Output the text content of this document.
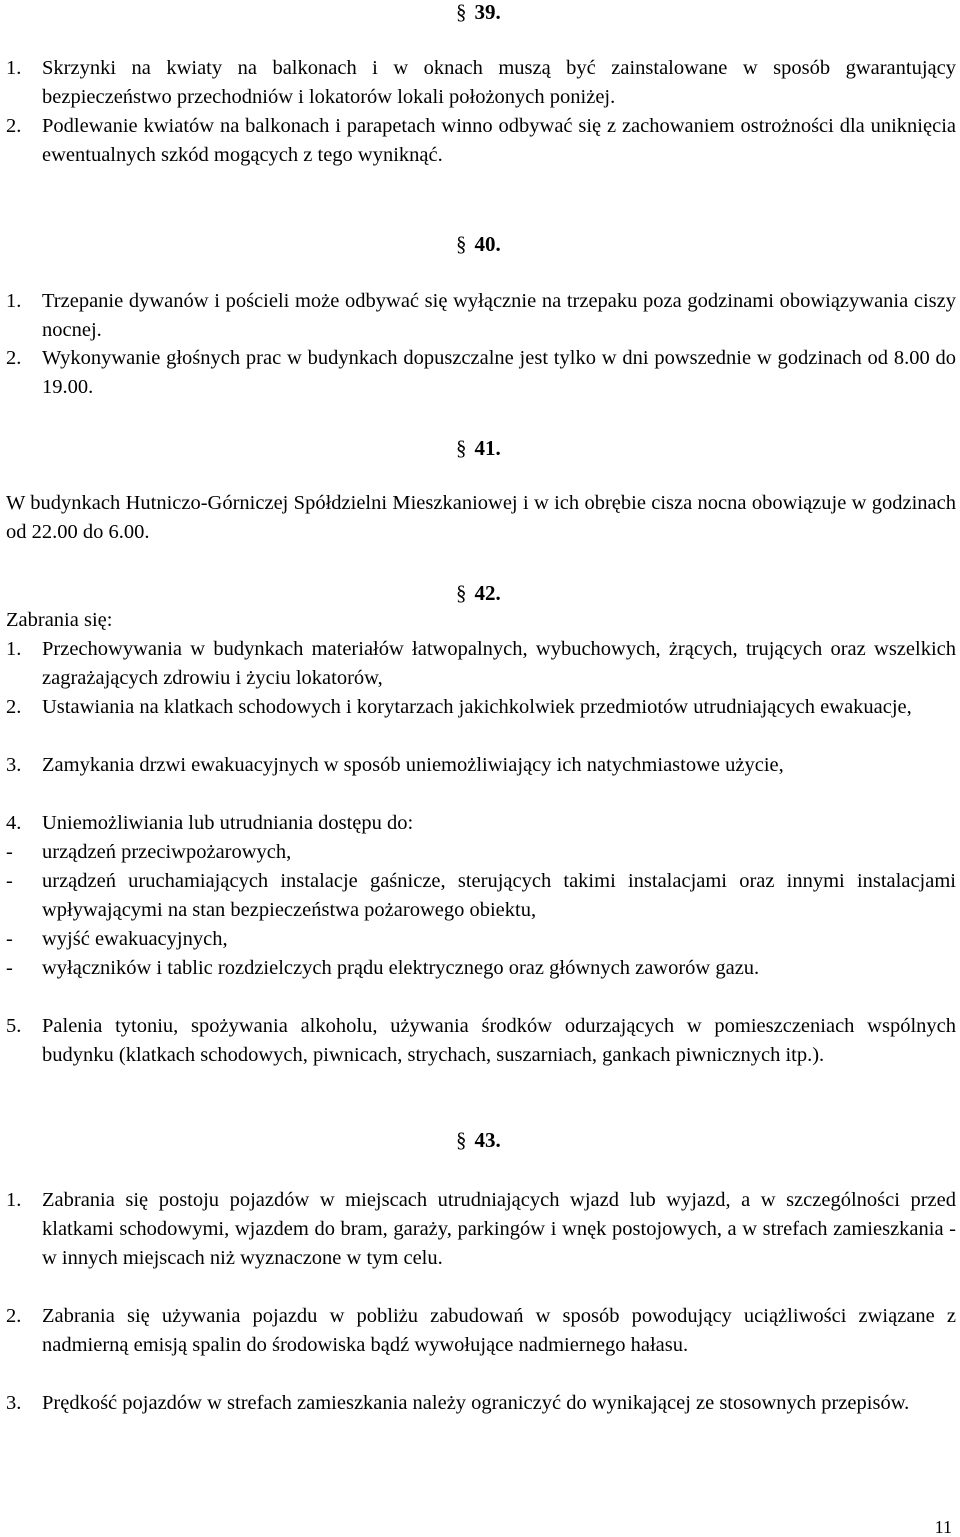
§ 39.
1.	Skrzynki na kwiaty na balkonach i w oknach muszą być zainstalowane w sposób gwarantujący bezpieczeństwo przechodniów i lokatorów lokali położonych poniżej.
2.	Podlewanie kwiatów na balkonach i parapetach winno odbywać się z zachowaniem ostrożności dla uniknięcia ewentualnych szkód mogących z tego wyniknąć.
§ 40.
1.	Trzepanie dywanów i pościeli może odbywać się wyłącznie na trzepaku poza godzinami obowiązywania ciszy nocnej.
2.	Wykonywanie głośnych prac w budynkach dopuszczalne jest tylko w dni powszednie w godzinach od 8.00 do 19.00.
§ 41.
W budynkach Hutniczo-Górniczej Spółdzielni Mieszkaniowej i w ich obrębie cisza nocna obowiązuje w godzinach od 22.00 do 6.00.
§ 42.
Zabrania się:
1.	Przechowywania w budynkach materiałów łatwopalnych, wybuchowych, żrących, trujących oraz wszelkich zagrażających zdrowiu i życiu lokatorów,
2.	Ustawiania na klatkach schodowych i korytarzach jakichkolwiek przedmiotów utrudniających ewakuacje,
3.	Zamykania drzwi ewakuacyjnych w sposób uniemożliwiający ich natychmiastowe użycie,
4.	Uniemożliwiania lub utrudniania dostępu do:
-	urządzeń przeciwpożarowych,
-	urządzeń uruchamiających instalacje gaśnicze, sterujących takimi instalacjami oraz innymi instalacjami wpływającymi na stan bezpieczeństwa pożarowego obiektu,
-	wyjść ewakuacyjnych,
-	wyłączników i tablic rozdzielczych prądu elektrycznego oraz głównych zaworów gazu.
5.	Palenia tytoniu, spożywania alkoholu, używania środków odurzających w pomieszczeniach wspólnych budynku (klatkach schodowych, piwnicach, strychach, suszarniach, gankach piwnicznych itp.).
§ 43.
1.	Zabrania się postoju pojazdów w miejscach utrudniających wjazd lub wyjazd, a w szczególności przed klatkami schodowymi, wjazdem do bram, garaży, parkingów i wnęk postojowych, a w strefach zamieszkania - w innych miejscach niż wyznaczone w tym celu.
2.	Zabrania się używania pojazdu w pobliżu zabudowań w sposób powodujący uciążliwości związane z nadmierną emisją spalin do środowiska bądź wywołujące nadmiernego hałasu.
3.	Prędkość pojazdów w strefach zamieszkania należy ograniczyć do wynikającej ze stosownych przepisów.
11
